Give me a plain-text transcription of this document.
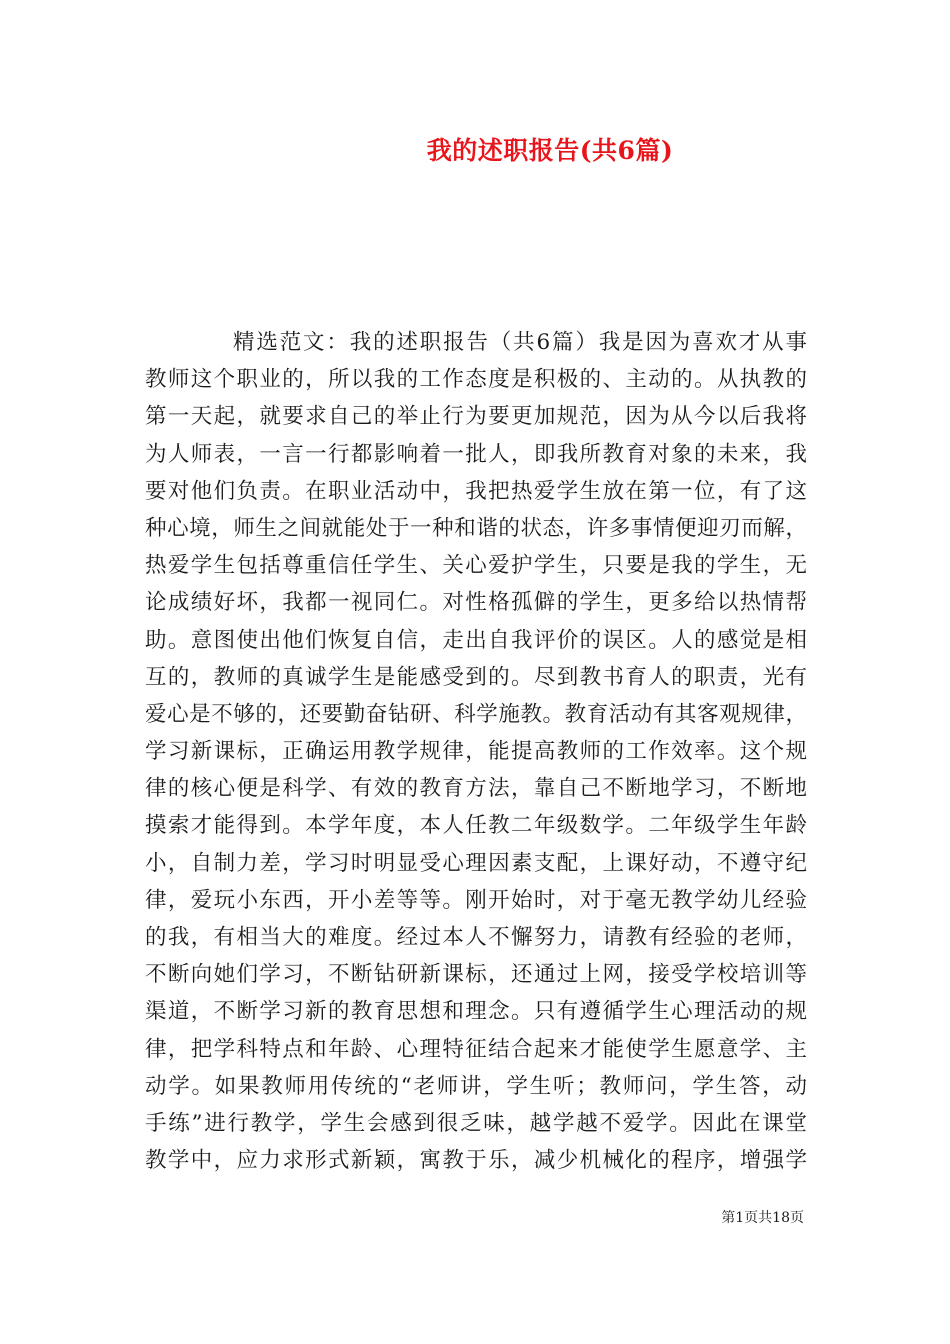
我的述职报告(共6篇)
精选范文：我的述职报告（共6篇）我是因为喜欢才从事
教师这个职业的，所以我的工作态度是积极的、主动的。从执教的
第一天起，就要求自己的举止行为要更加规范，因为从今以后我将
为人师表，一言一行都影响着一批人，即我所教育对象的未来，我
要对他们负责。在职业活动中，我把热爱学生放在第一位，有了这
种心境，师生之间就能处于一种和谐的状态，许多事情便迎刃而解，
热爱学生包括尊重信任学生、关心爱护学生，只要是我的学生，无
论成绩好坏，我都一视同仁。对性格孤僻的学生，更多给以热情帮
助。意图使出他们恢复自信，走出自我评价的误区。人的感觉是相
互的，教师的真诚学生是能感受到的。尽到教书育人的职责，光有
爱心是不够的，还要勤奋钻研、科学施教。教育活动有其客观规律，
学习新课标，正确运用教学规律，能提高教师的工作效率。这个规
律的核心便是科学、有效的教育方法，靠自己不断地学习，不断地
摸索才能得到。本学年度，本人任教二年级数学。二年级学生年龄
小，自制力差，学习时明显受心理因素支配，上课好动，不遵守纪
律，爱玩小东西，开小差等等。刚开始时，对于毫无教学幼儿经验
的我，有相当大的难度。经过本人不懈努力，请教有经验的老师，
不断向她们学习，不断钻研新课标，还通过上网，接受学校培训等
渠道，不断学习新的教育思想和理念。只有遵循学生心理活动的规
律，把学科特点和年龄、心理特征结合起来才能使学生愿意学、主
动学。如果教师用传统的“老师讲，学生听；教师问，学生答，动
手练”进行教学，学生会感到很乏味，越学越不爱学。因此在课堂
教学中，应力求形式新颖，寓教于乐，减少机械化的程序，增强学
第1页共18页
